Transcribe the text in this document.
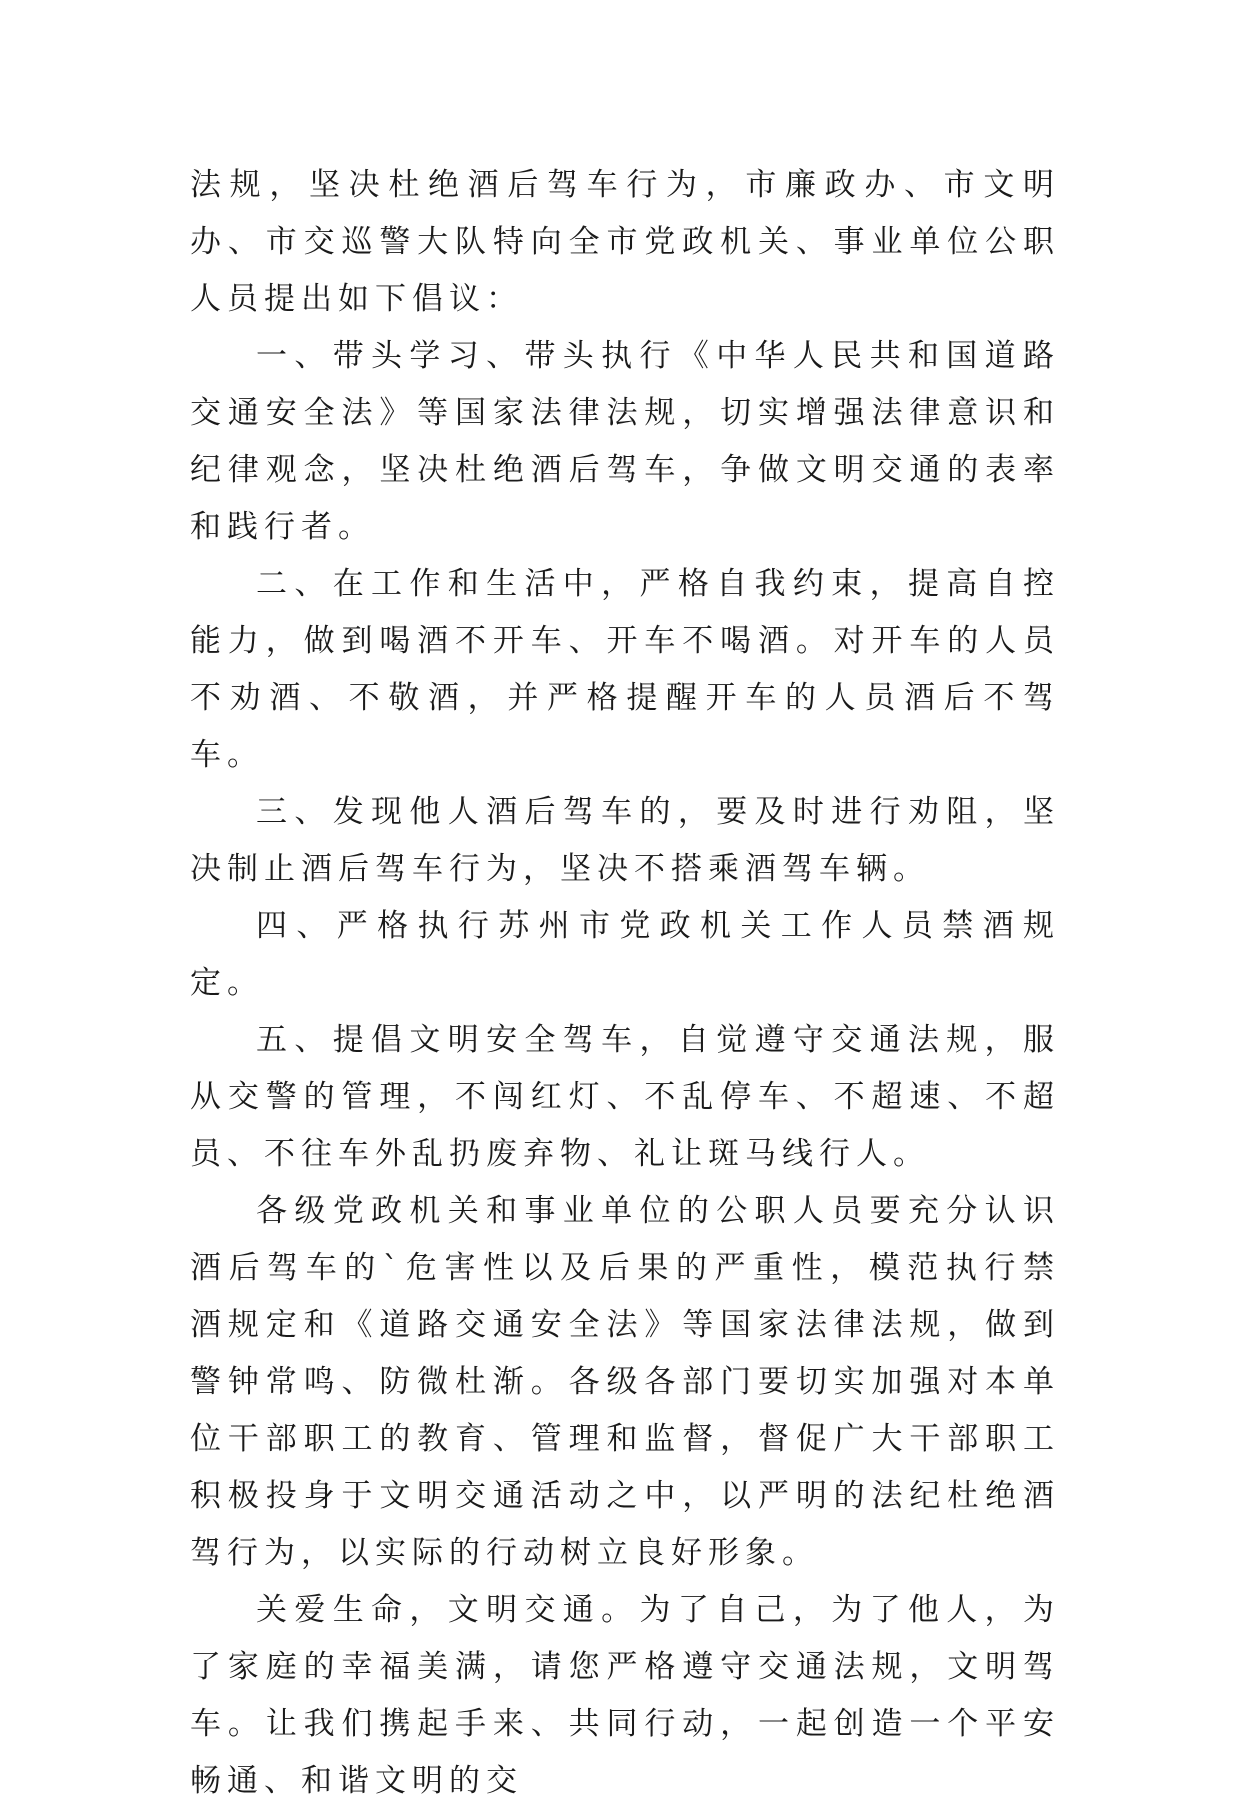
法规，坚决杜绝酒后驾车行为，市廉政办、市文明办、市交巡警大队特向全市党政机关、事业单位公职人员提出如下倡议：

一、带头学习、带头执行《中华人民共和国道路交通安全法》等国家法律法规，切实增强法律意识和纪律观念，坚决杜绝酒后驾车，争做文明交通的表率和践行者。

二、在工作和生活中，严格自我约束，提高自控能力，做到喝酒不开车、开车不喝酒。对开车的人员不劝酒、不敬酒，并严格提醒开车的人员酒后不驾车。

三、发现他人酒后驾车的，要及时进行劝阻，坚决制止酒后驾车行为，坚决不搭乘酒驾车辆。

四、严格执行苏州市党政机关工作人员禁酒规定。

五、提倡文明安全驾车，自觉遵守交通法规，服从交警的管理，不闯红灯、不乱停车、不超速、不超员、不往车外乱扔废弃物、礼让斑马线行人。

各级党政机关和事业单位的公职人员要充分认识酒后驾车的`危害性以及后果的严重性，模范执行禁酒规定和《道路交通安全法》等国家法律法规，做到警钟常鸣、防微杜渐。各级各部门要切实加强对本单位干部职工的教育、管理和监督，督促广大干部职工积极投身于文明交通活动之中，以严明的法纪杜绝酒驾行为，以实际的行动树立良好形象。

关爱生命，文明交通。为了自己，为了他人，为了家庭的幸福美满，请您严格遵守交通法规，文明驾车。让我们携起手来、共同行动，一起创造一个平安畅通、和谐文明的交
